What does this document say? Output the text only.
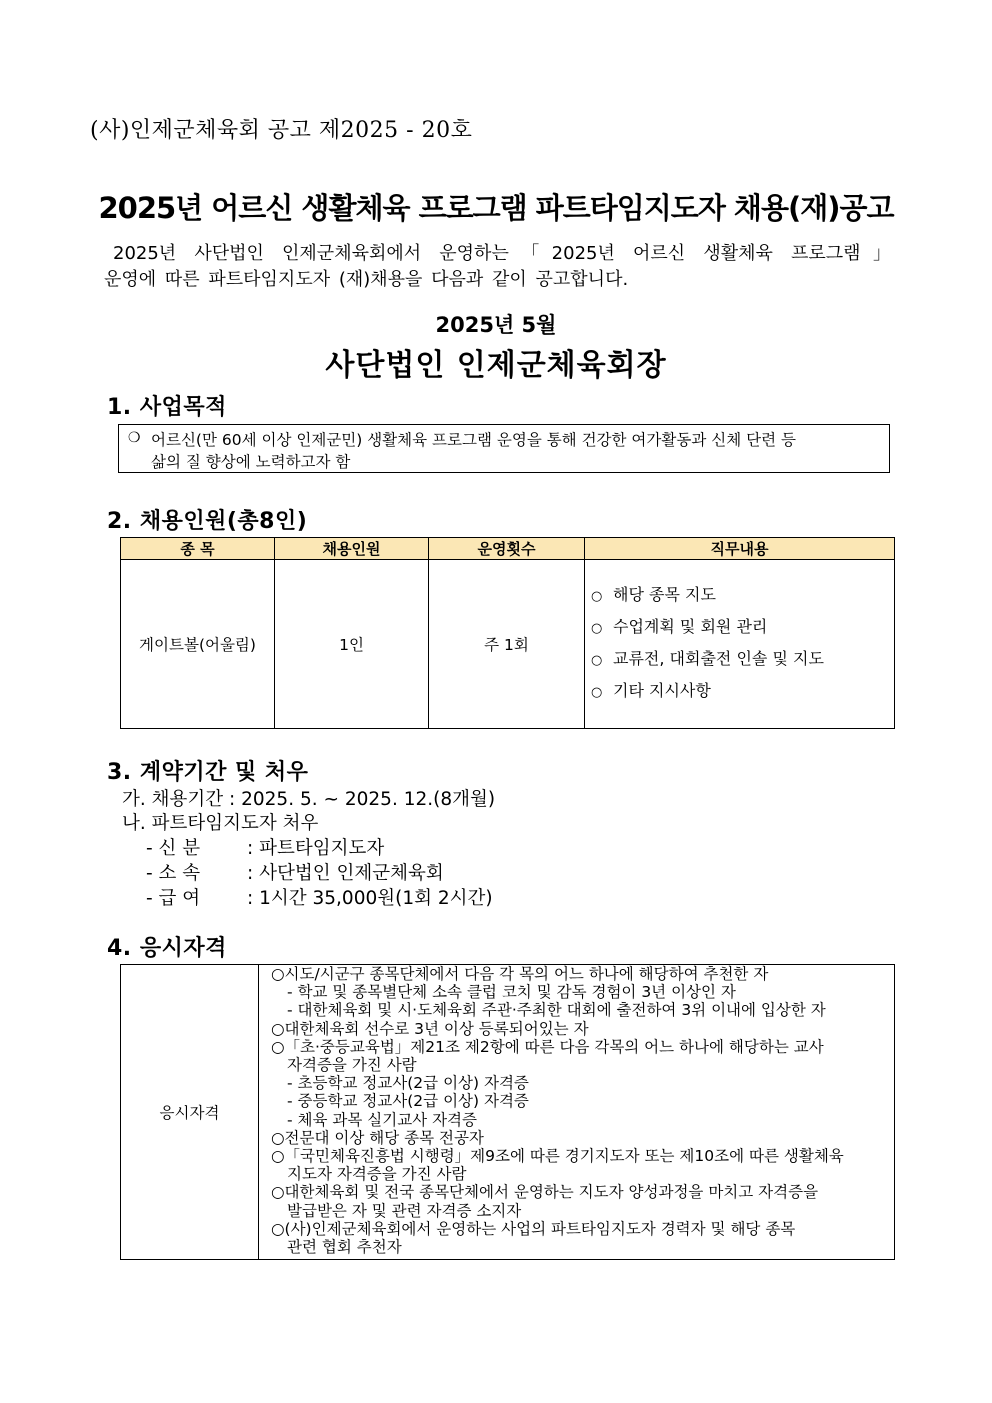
(사)인제군체육회 공고 제2025 - 20호
2025년 어르신 생활체육 프로그램 파트타임지도자 채용(재)공고
2025년 사단법인 인제군체육회에서 운영하는「2025년 어르신 생활체육 프로그램」
운영에 따른 파트타임지도자 (재)채용을 다음과 같이 공고합니다.
2025년 5월
사단법인 인제군체육회장
1. 사업목적
❍ 어르신(만 60세 이상 인제군민) 생활체육 프로그램 운영을 통해 건강한 여가활동과 신체 단련 등
삶의 질 향상에 노력하고자 함
2. 채용인원(총8인)
종 목	채용인원	운영횟수	직무내용
게이트볼(어울림)	1인	주 1회	○ 해당 종목 지도
○ 수업계획 및 회원 관리
○ 교류전, 대회출전 인솔 및 지도
○ 기타 지시사항
3. 계약기간 및 처우
가. 채용기간 : 2025. 5. ~ 2025. 12.(8개월)
나. 파트타임지도자 처우
- 신 분	: 파트타임지도자
- 소 속	: 사단법인 인제군체육회
- 급 여	: 1시간 35,000원(1회 2시간)
4. 응시자격
응시자격	
○시도/시군구 종목단체에서 다음 각 목의 어느 하나에 해당하여 추천한 자
- 학교 및 종목별단체 소속 클럽 코치 및 감독 경험이 3년 이상인 자
- 대한체육회 및 시·도체육회 주관·주최한 대회에 출전하여 3위 이내에 입상한 자
○대한체육회 선수로 3년 이상 등록되어있는 자
○「초·중등교육법」제21조 제2항에 따른 다음 각목의 어느 하나에 해당하는 교사
자격증을 가진 사람
- 초등학교 정교사(2급 이상) 자격증
- 중등학교 정교사(2급 이상) 자격증
- 체육 과목 실기교사 자격증
○전문대 이상 해당 종목 전공자
○「국민체육진흥법 시행령」제9조에 따른 경기지도자 또는 제10조에 따른 생활체육
지도자 자격증을 가진 사람
○대한체육회 및 전국 종목단체에서 운영하는 지도자 양성과정을 마치고 자격증을
발급받은 자 및 관련 자격증 소지자
○(사)인제군체육회에서 운영하는 사업의 파트타임지도자 경력자 및 해당 종목
관련 협회 추천자
